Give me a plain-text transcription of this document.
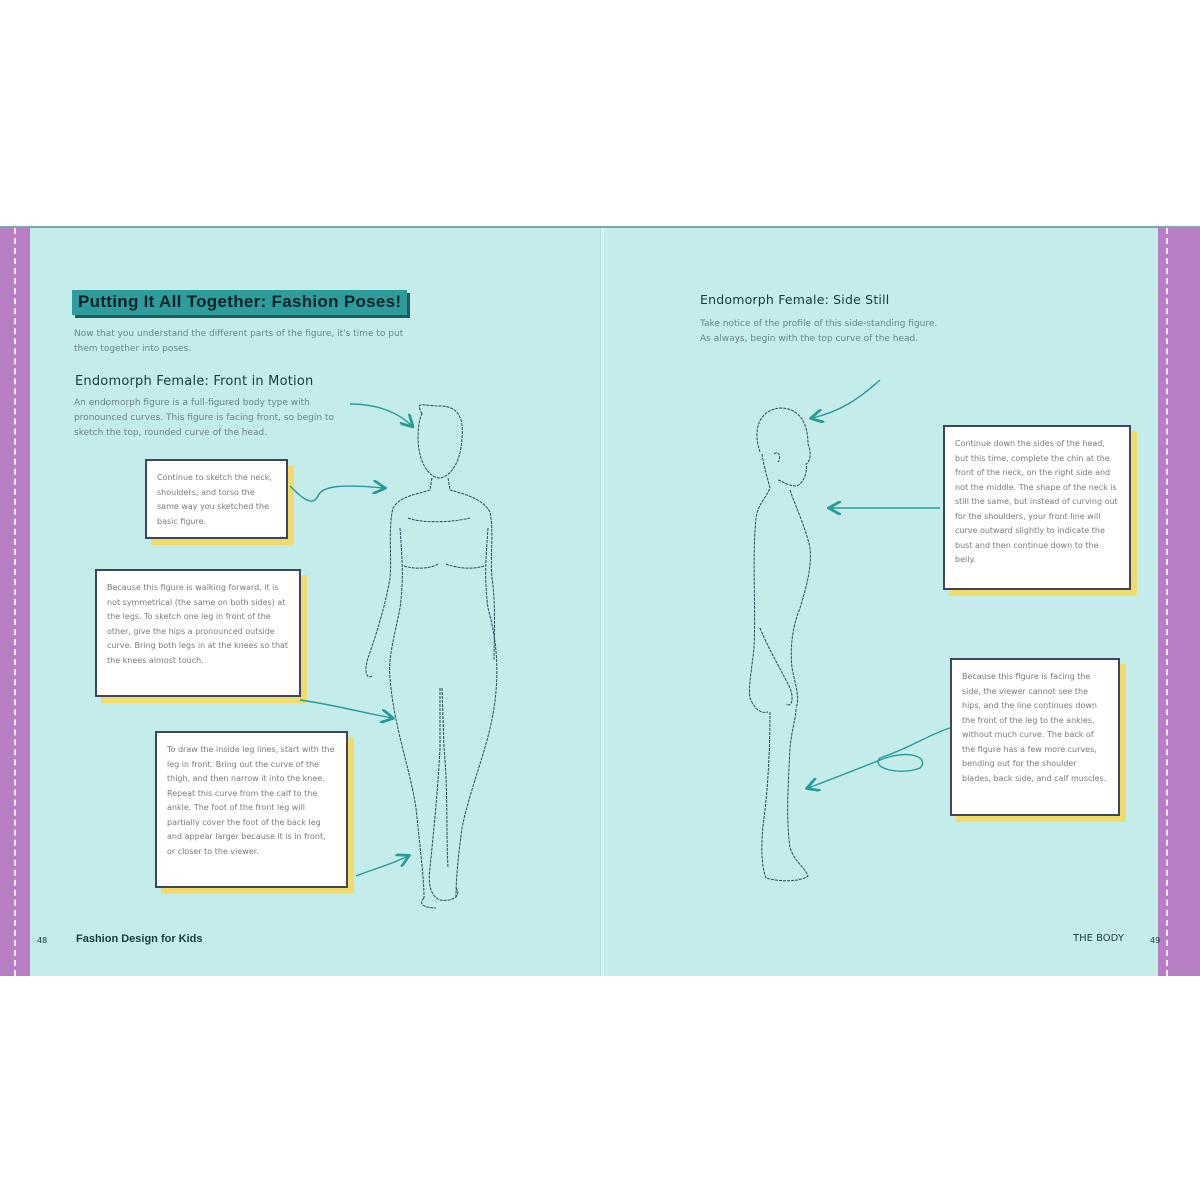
Putting It All Together: Fashion Poses!
Now that you understand the different parts of the figure, it's time to put them together into poses.
Endomorph Female: Front in Motion
An endomorph figure is a full-figured body type with pronounced curves. This figure is facing front, so begin to sketch the top, rounded curve of the head.
Continue to sketch the neck, shoulders, and torso the same way you sketched the basic figure.
Because this figure is walking forward, it is not symmetrical (the same on both sides) at the legs. To sketch one leg in front of the other, give the hips a pronounced outside curve. Bring both legs in at the knees so that the knees almost touch.
To draw the inside leg lines, start with the leg in front. Bring out the curve of the thigh, and then narrow it into the knee. Repeat this curve from the calf to the ankle. The foot of the front leg will partially cover the foot of the back leg and appear larger because it is in front, or closer to the viewer.
48	Fashion Design for Kids
Endomorph Female: Side Still
Take notice of the profile of this side-standing figure. As always, begin with the top curve of the head.
Continue down the sides of the head, but this time, complete the chin at the front of the neck, on the right side and not the middle. The shape of the neck is still the same, but instead of curving out for the shoulders, your front line will curve outward slightly to indicate the bust and then continue down to the belly.
Because this figure is facing the side, the viewer cannot see the hips, and the line continues down the front of the leg to the ankles, without much curve. The back of the figure has a few more curves, bending out for the shoulder blades, back side, and calf muscles.
THE BODY	49
